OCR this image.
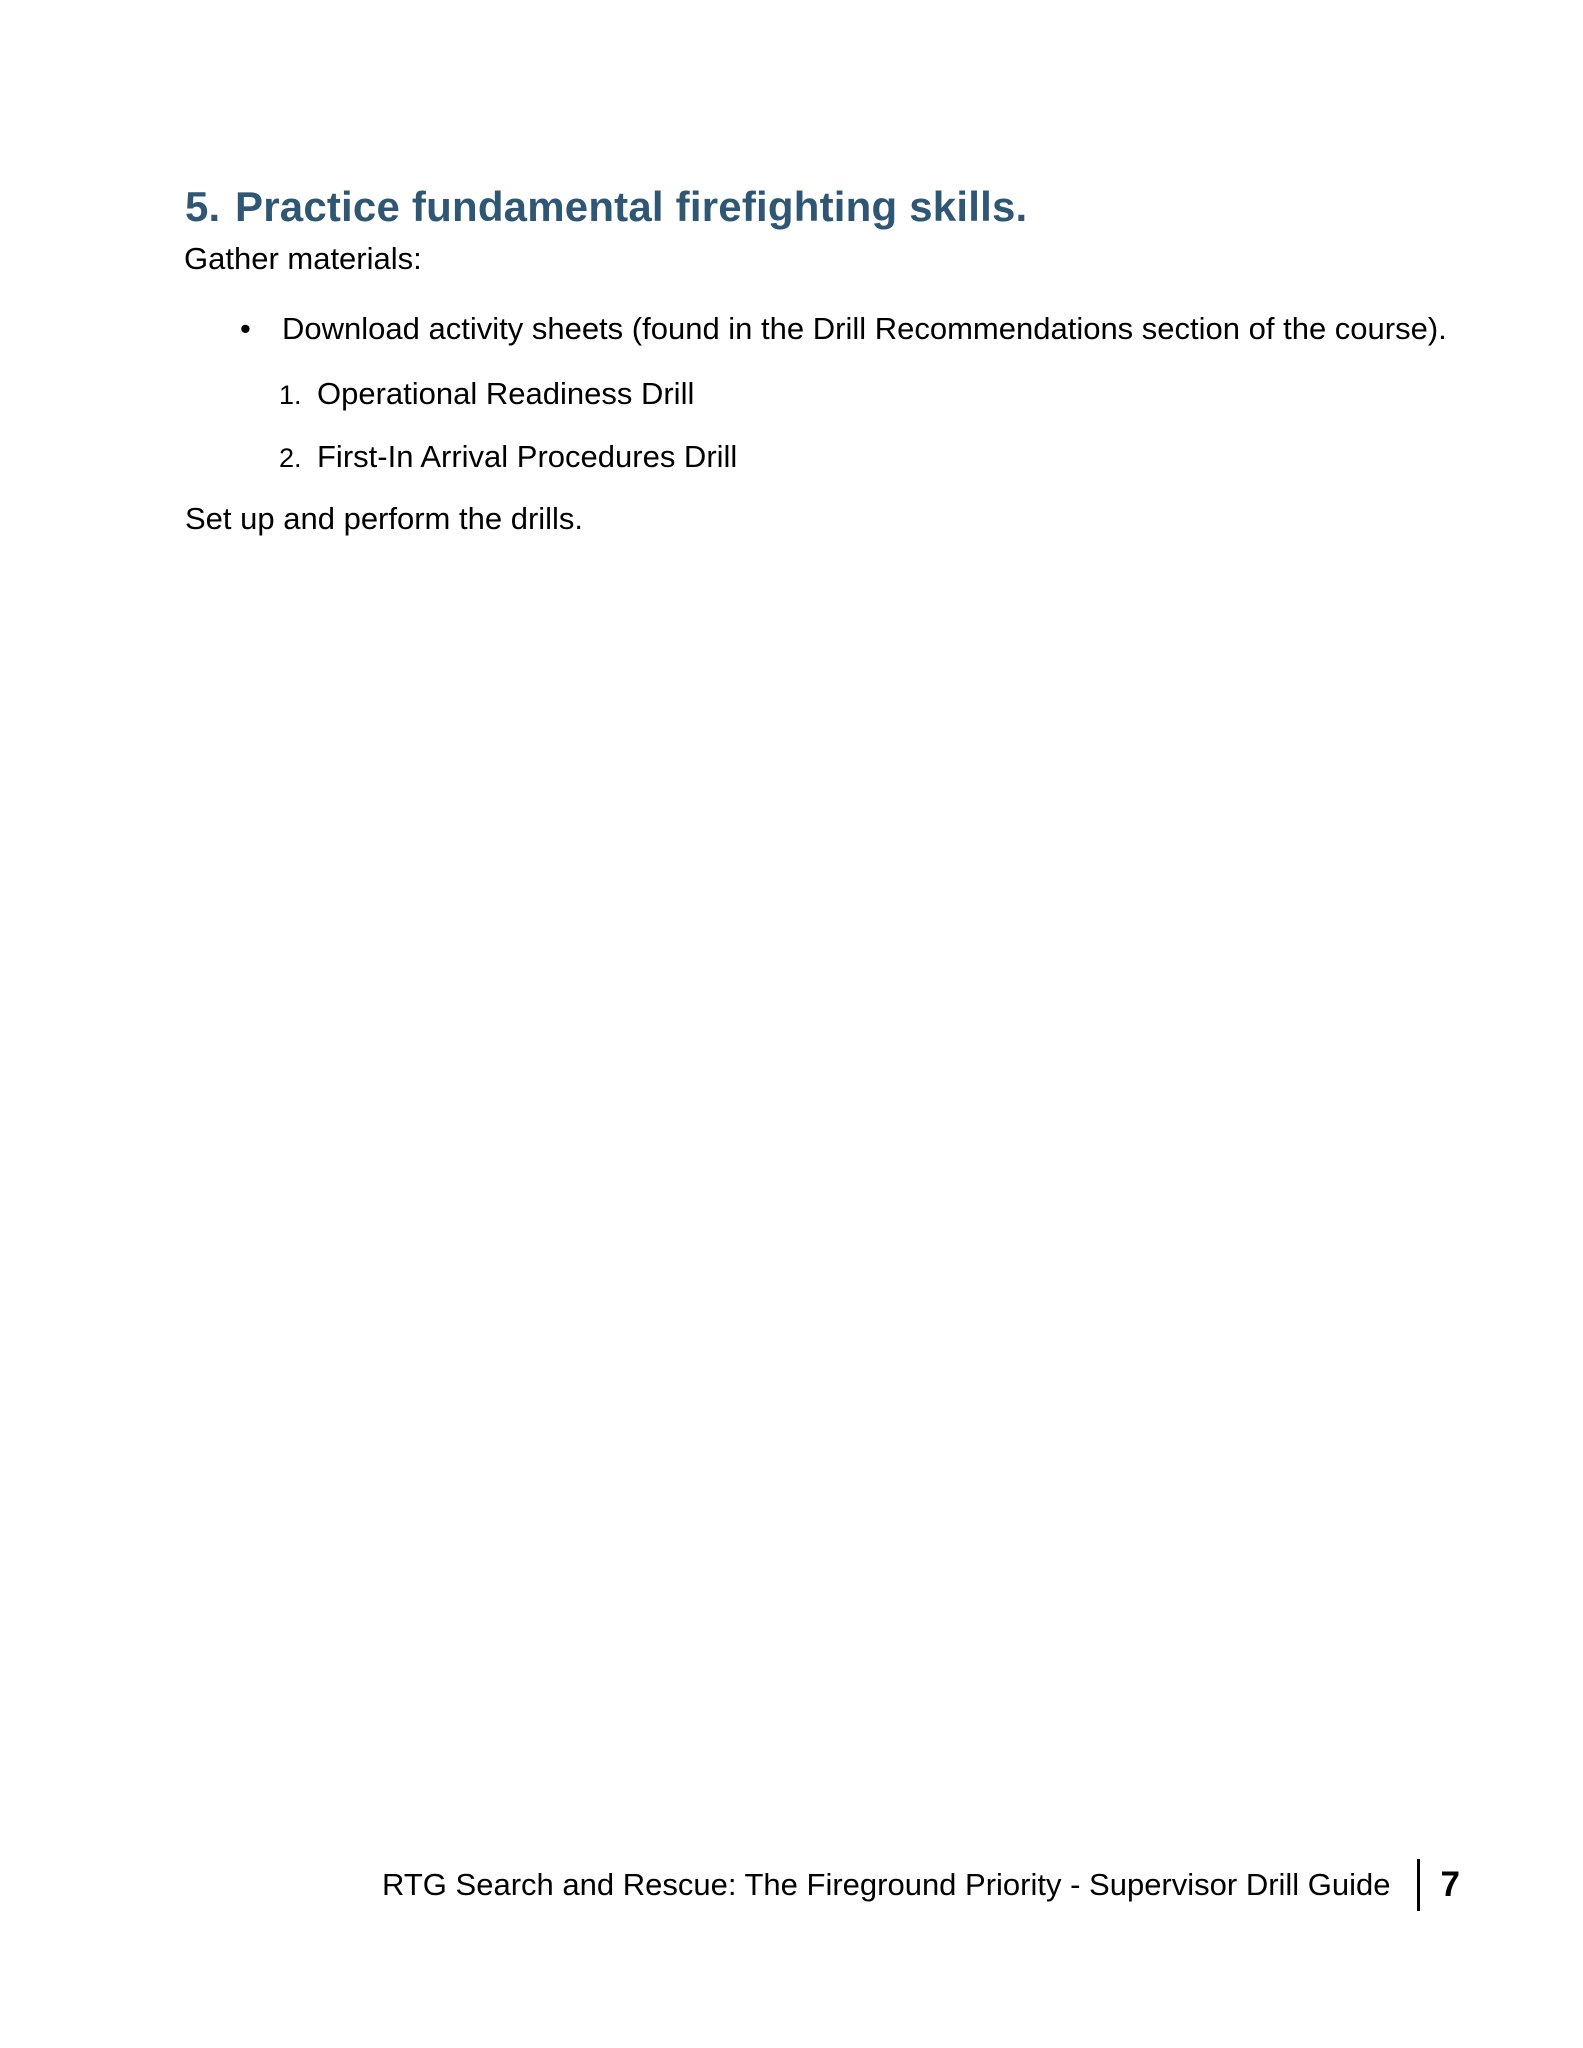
5. Practice fundamental firefighting skills.

Gather materials:

• Download activity sheets (found in the Drill Recommendations section of the course).
1. Operational Readiness Drill
2. First-In Arrival Procedures Drill

Set up and perform the drills.

RTG Search and Rescue: The Fireground Priority - Supervisor Drill Guide 7
